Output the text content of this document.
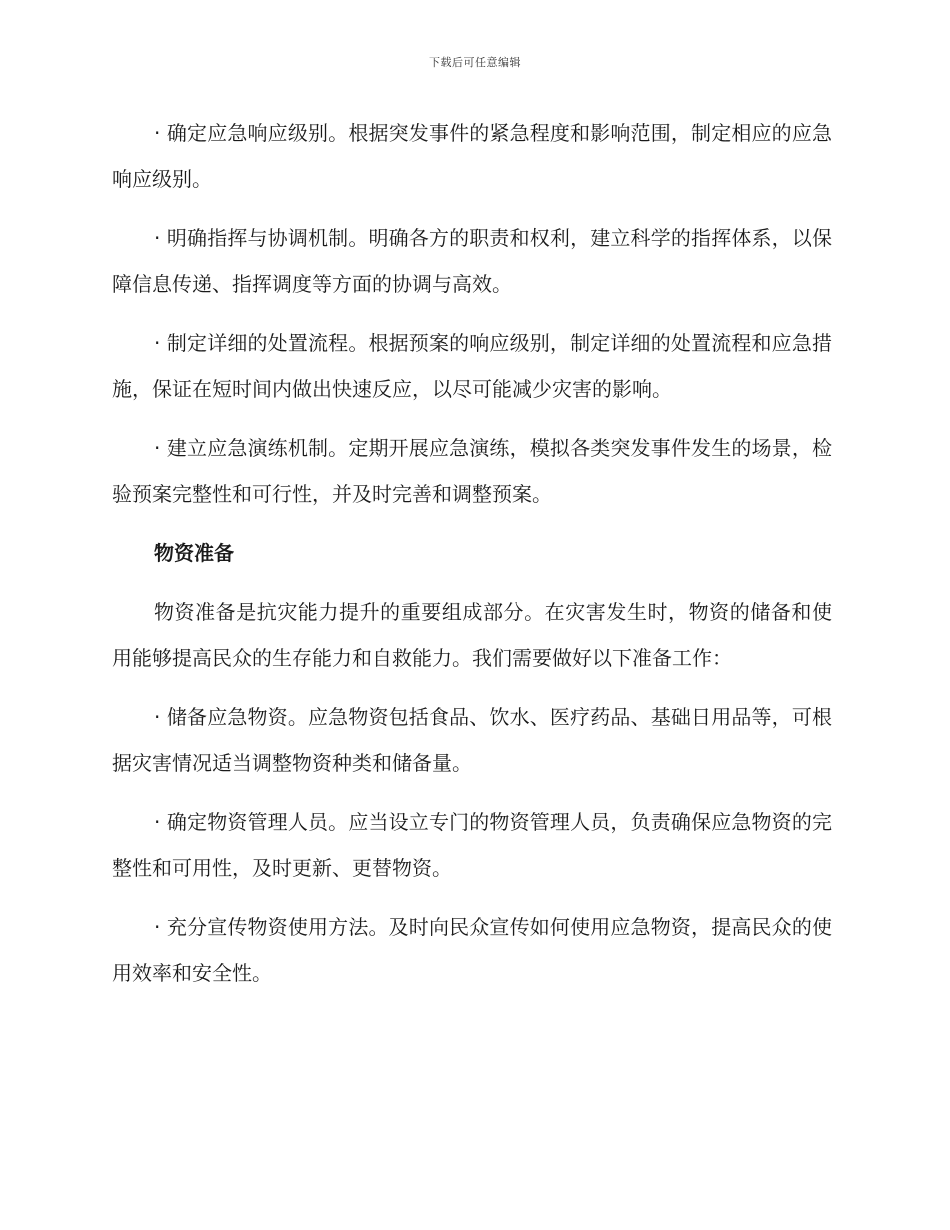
下载后可任意编辑

· 确定应急响应级别。根据突发事件的紧急程度和影响范围，制定相应的应急响应级别。

· 明确指挥与协调机制。明确各方的职责和权利，建立科学的指挥体系，以保障信息传递、指挥调度等方面的协调与高效。

· 制定详细的处置流程。根据预案的响应级别，制定详细的处置流程和应急措施，保证在短时间内做出快速反应，以尽可能减少灾害的影响。

· 建立应急演练机制。定期开展应急演练，模拟各类突发事件发生的场景，检验预案完整性和可行性，并及时完善和调整预案。

物资准备

物资准备是抗灾能力提升的重要组成部分。在灾害发生时，物资的储备和使用能够提高民众的生存能力和自救能力。我们需要做好以下准备工作：

· 储备应急物资。应急物资包括食品、饮水、医疗药品、基础日用品等，可根据灾害情况适当调整物资种类和储备量。

· 确定物资管理人员。应当设立专门的物资管理人员，负责确保应急物资的完整性和可用性，及时更新、更替物资。

· 充分宣传物资使用方法。及时向民众宣传如何使用应急物资，提高民众的使用效率和安全性。
